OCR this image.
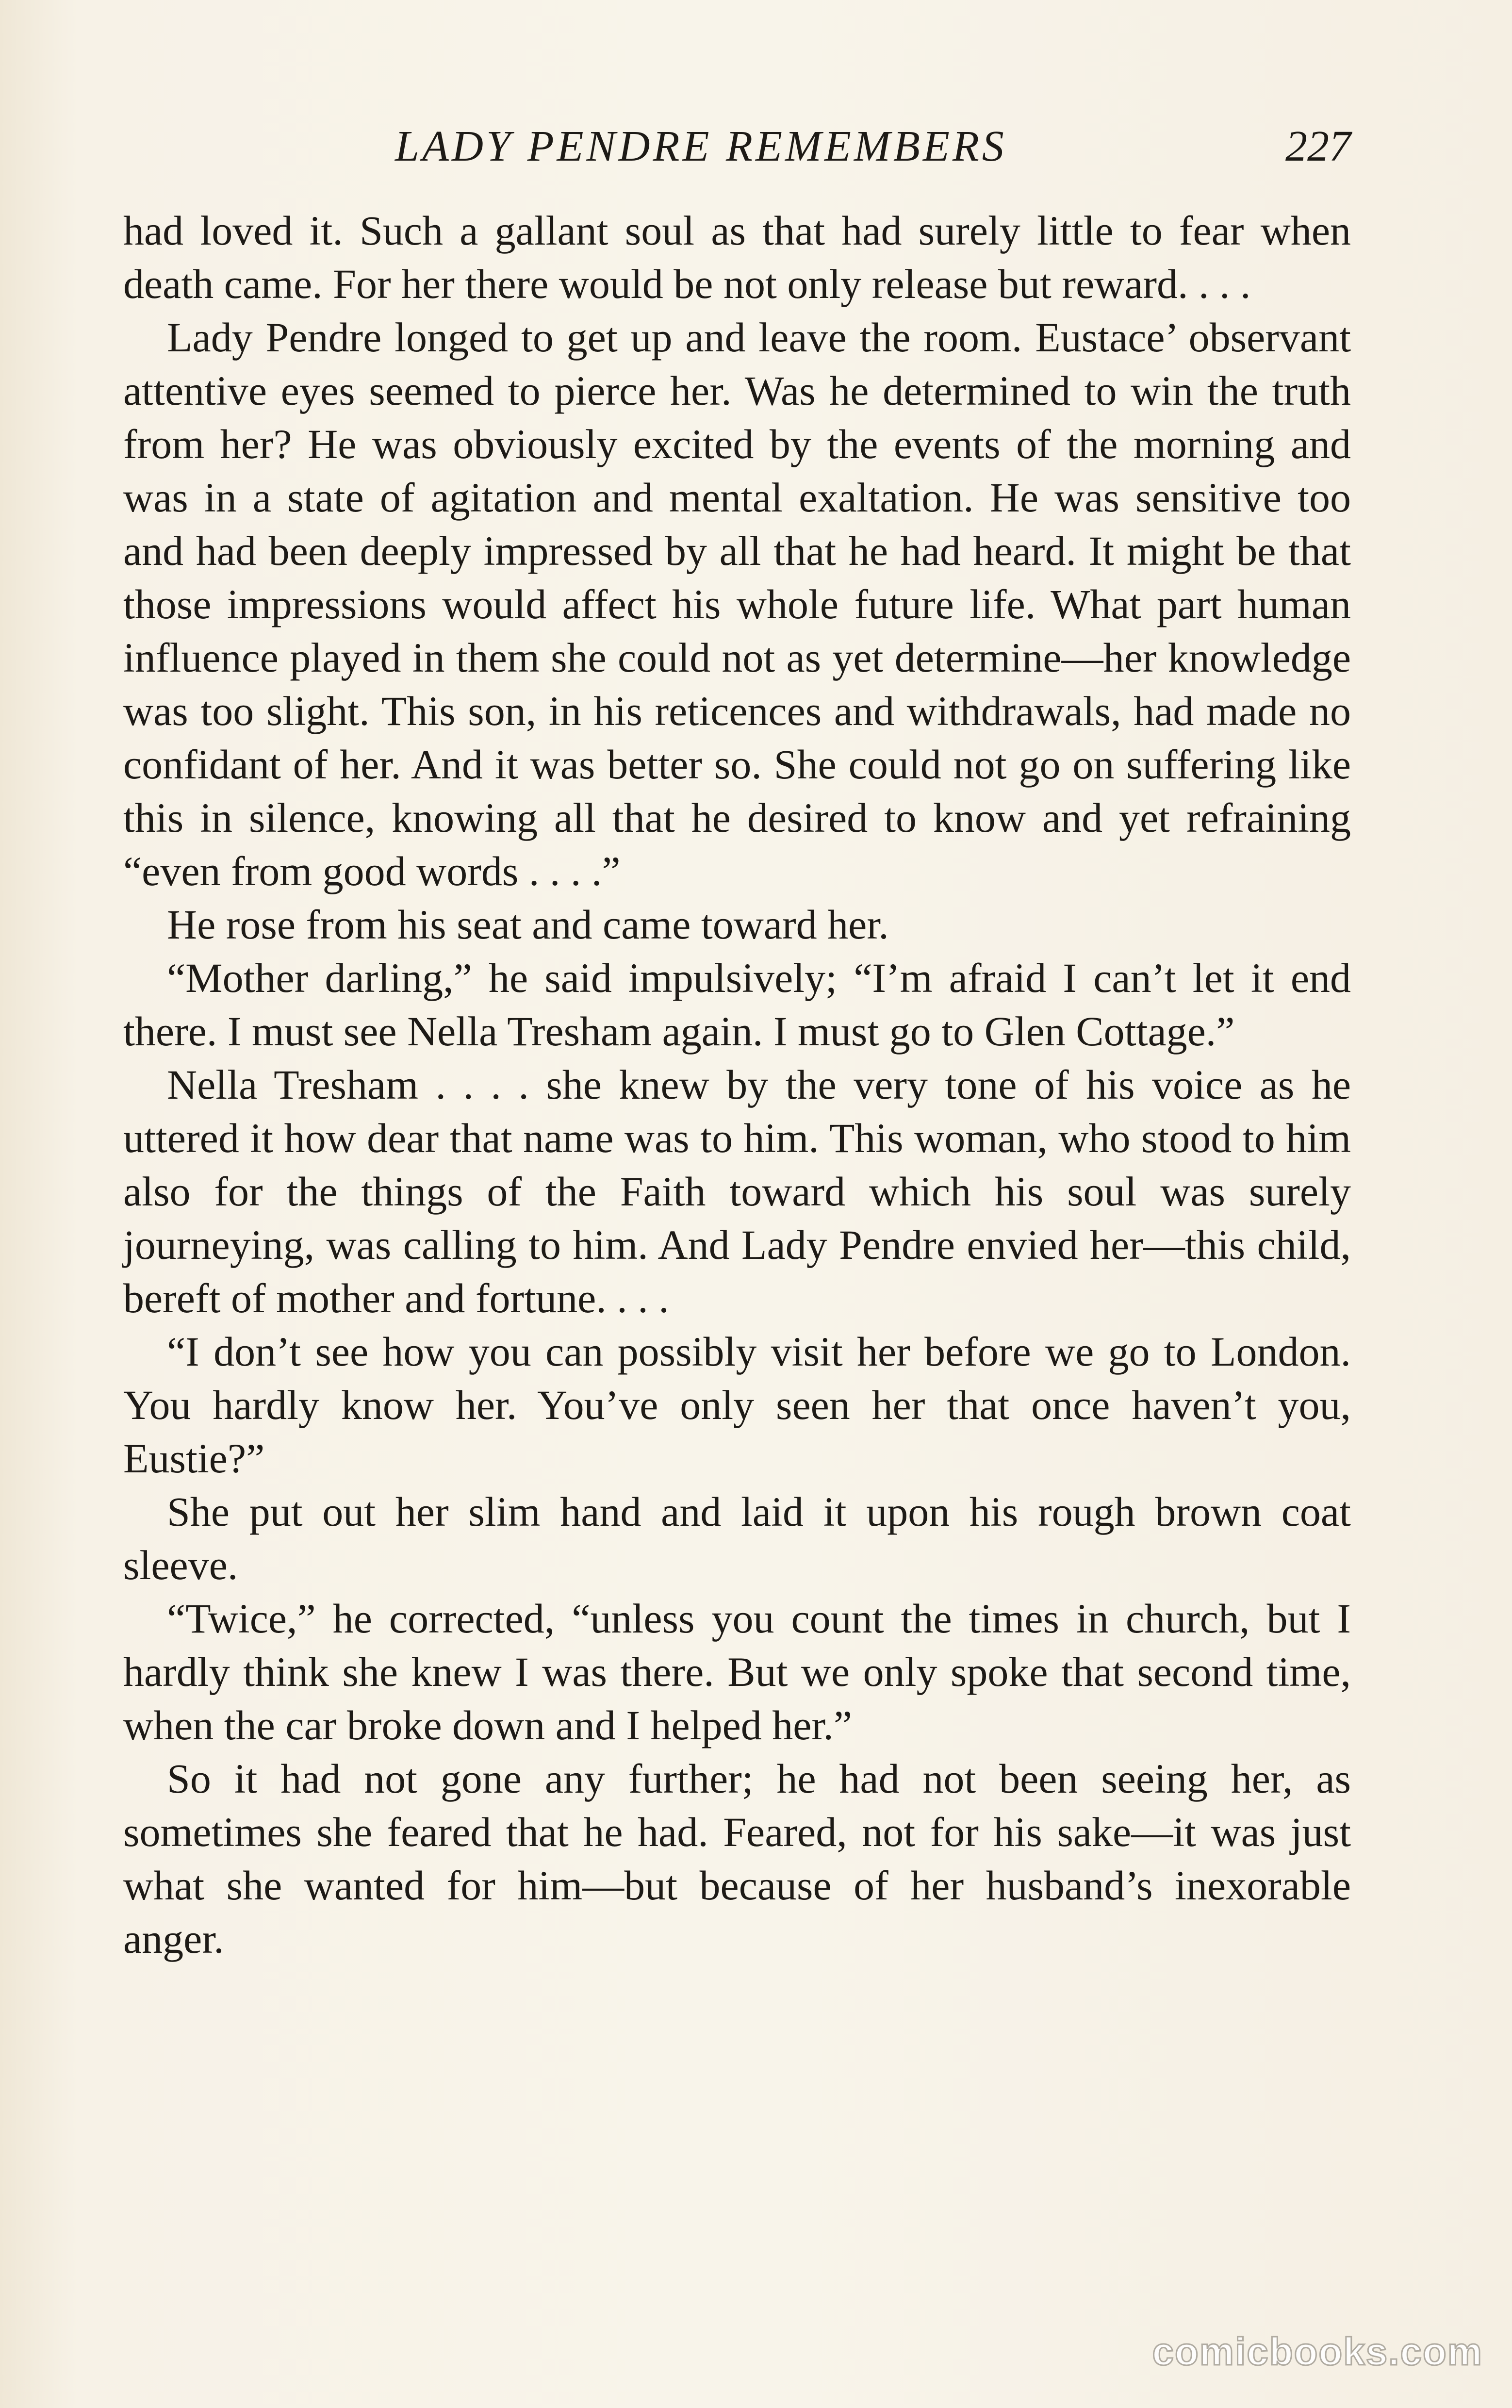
LADY PENDRE REMEMBERS	227

had loved it. Such a gallant soul as that had surely little to fear when death came. For her there would be not only release but reward. . . .

Lady Pendre longed to get up and leave the room. Eustace’ observant attentive eyes seemed to pierce her. Was he determined to win the truth from her? He was obviously excited by the events of the morning and was in a state of agitation and mental exaltation. He was sensitive too and had been deeply impressed by all that he had heard. It might be that those impressions would affect his whole future life. What part human influence played in them she could not as yet determine—her knowledge was too slight. This son, in his reticences and withdrawals, had made no confidant of her. And it was better so. She could not go on suffering like this in silence, knowing all that he desired to know and yet refraining “even from good words . . . .”

He rose from his seat and came toward her.

“Mother darling,” he said impulsively; “I’m afraid I can’t let it end there. I must see Nella Tresham again. I must go to Glen Cottage.”

Nella Tresham . . . . she knew by the very tone of his voice as he uttered it how dear that name was to him. This woman, who stood to him also for the things of the Faith toward which his soul was surely journeying, was calling to him. And Lady Pendre envied her—this child, bereft of mother and fortune. . . .

“I don’t see how you can possibly visit her before we go to London. You hardly know her. You’ve only seen her that once haven’t you, Eustie?”

She put out her slim hand and laid it upon his rough brown coat sleeve.

“Twice,” he corrected, “unless you count the times in church, but I hardly think she knew I was there. But we only spoke that second time, when the car broke down and I helped her.”

So it had not gone any further; he had not been seeing her, as sometimes she feared that he had. Feared, not for his sake—it was just what she wanted for him—but because of her husband’s inexorable anger.

comicbooks.com
